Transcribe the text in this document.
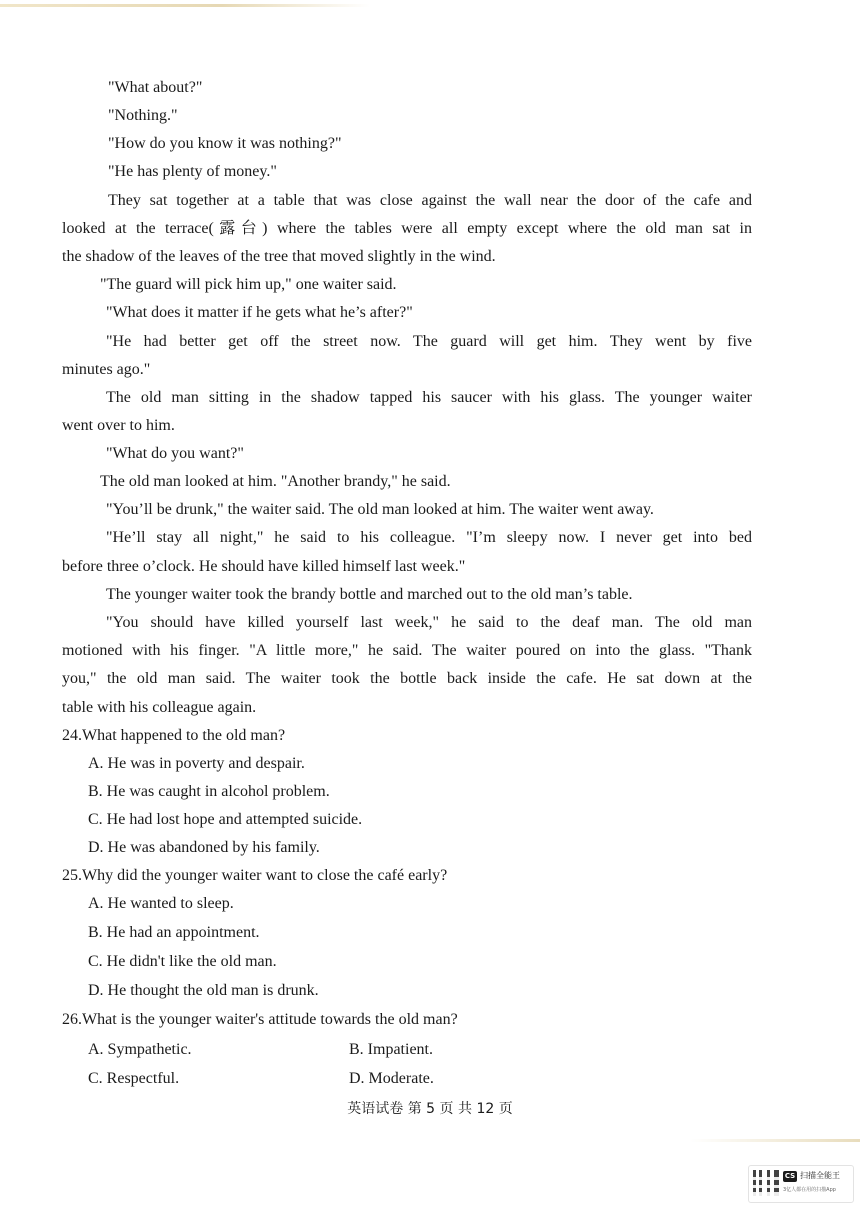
"What about?"
"Nothing."
"How do you know it was nothing?"
"He has plenty of money."
They sat together at a table that was close against the wall near the door of the cafe and
looked at the terrace(露台) where the tables were all empty except where the old man sat in
the shadow of the leaves of the tree that moved slightly in the wind.
"The guard will pick him up," one waiter said.
"What does it matter if he gets what he’s after?"
"He had better get off the street now. The guard will get him. They went by five
minutes ago."
The old man sitting in the shadow tapped his saucer with his glass. The younger waiter
went over to him.
"What do you want?"
The old man looked at him. "Another brandy," he said.
"You’ll be drunk," the waiter said. The old man looked at him. The waiter went away.
"He’ll stay all night," he said to his colleague. "I’m sleepy now. I never get into bed
before three o’clock. He should have killed himself last week."
The younger waiter took the brandy bottle and marched out to the old man’s table.
"You should have killed yourself last week," he said to the deaf man. The old man
motioned with his finger. "A little more," he said. The waiter poured on into the glass. "Thank
you," the old man said. The waiter took the bottle back inside the cafe. He sat down at the
table with his colleague again.
24.What happened to the old man?
A. He was in poverty and despair.
B. He was caught in alcohol problem.
C. He had lost hope and attempted suicide.
D. He was abandoned by his family.
25.Why did the younger waiter want to close the café early?
A. He wanted to sleep.
B. He had an appointment.
C. He didn't like the old man.
D. He thought the old man is drunk.
26.What is the younger waiter's attitude towards the old man?
A. Sympathetic.	B. Impatient.
C. Respectful.	D. Moderate.
英语试卷 第 5 页 共 12 页
CS 扫描全能王
3亿人都在用的扫描App
